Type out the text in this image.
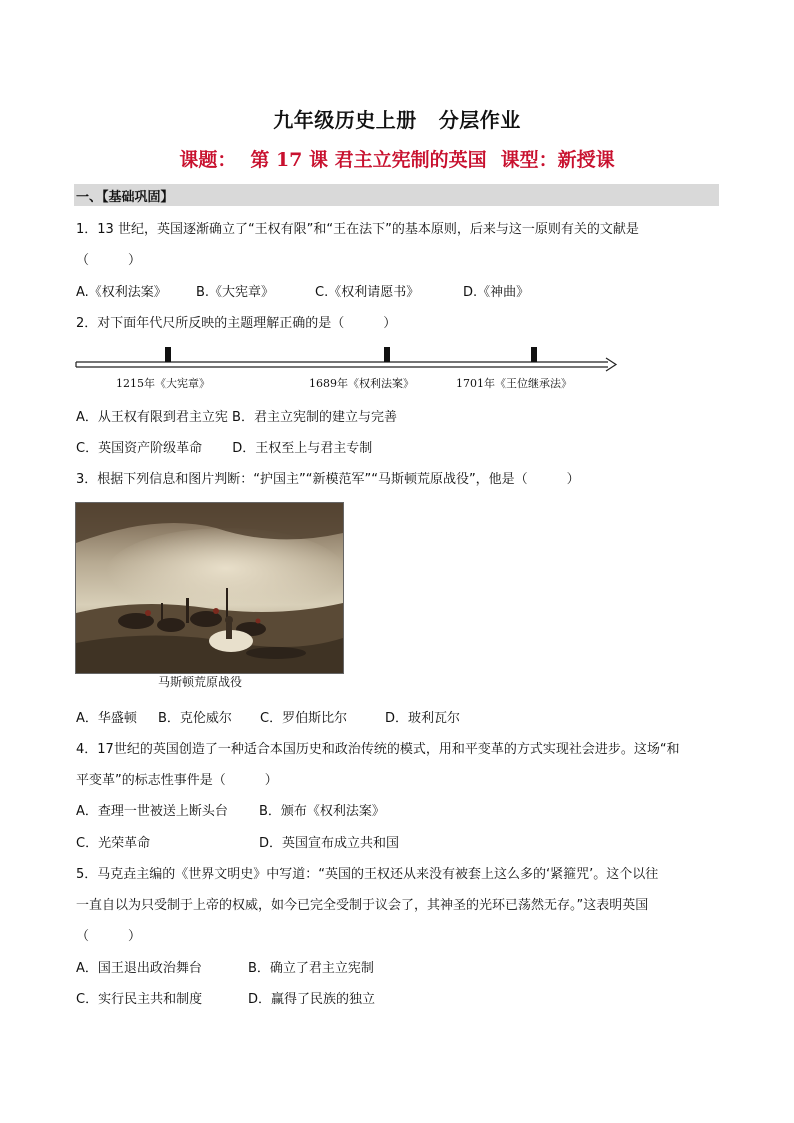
九年级历史上册 分层作业
课题： 第 17 课 君主立宪制的英国 课型：新授课
一、【基础巩固】
1．13 世纪，英国逐渐确立了“王权有限”和“王在法下”的基本原则，后来与这一原则有关的文献是
（　　　）
A.《权利法案》 B.《大宪章》	C.《权利请愿书》	D.《神曲》
2．对下面年代尺所反映的主题理解正确的是（　　　）
1215年《大宪章》	1689年《权利法案》	1701年《王位继承法》
A．从王权有限到君主立宪 B．君主立宪制的建立与完善
C．英国资产阶级革命　　 D．王权至上与君主专制
3．根据下列信息和图片判断：“护国主”“新模范军”“马斯顿荒原战役”，他是（　　　）
马斯顿荒原战役
A．华盛顿 B．克伦威尔 C．罗伯斯比尔	D．玻利瓦尔
4．17世纪的英国创造了一种适合本国历史和政治传统的模式，用和平变革的方式实现社会进步。这场“和
平变革”的标志性事件是（　　　）
A．查理一世被送上断头台 B．颁布《权利法案》
C．光荣革命	D．英国宣布成立共和国
5．马克垚主编的《世界文明史》中写道：“英国的王权还从来没有被套上这么多的‘紧箍咒’。这个以往
一直自以为只受制于上帝的权威，如今已完全受制于议会了，其神圣的光环已荡然无存。”这表明英国
（　　　）
A．国王退出政治舞台	B．确立了君主立宪制
C．实行民主共和制度	D．赢得了民族的独立
